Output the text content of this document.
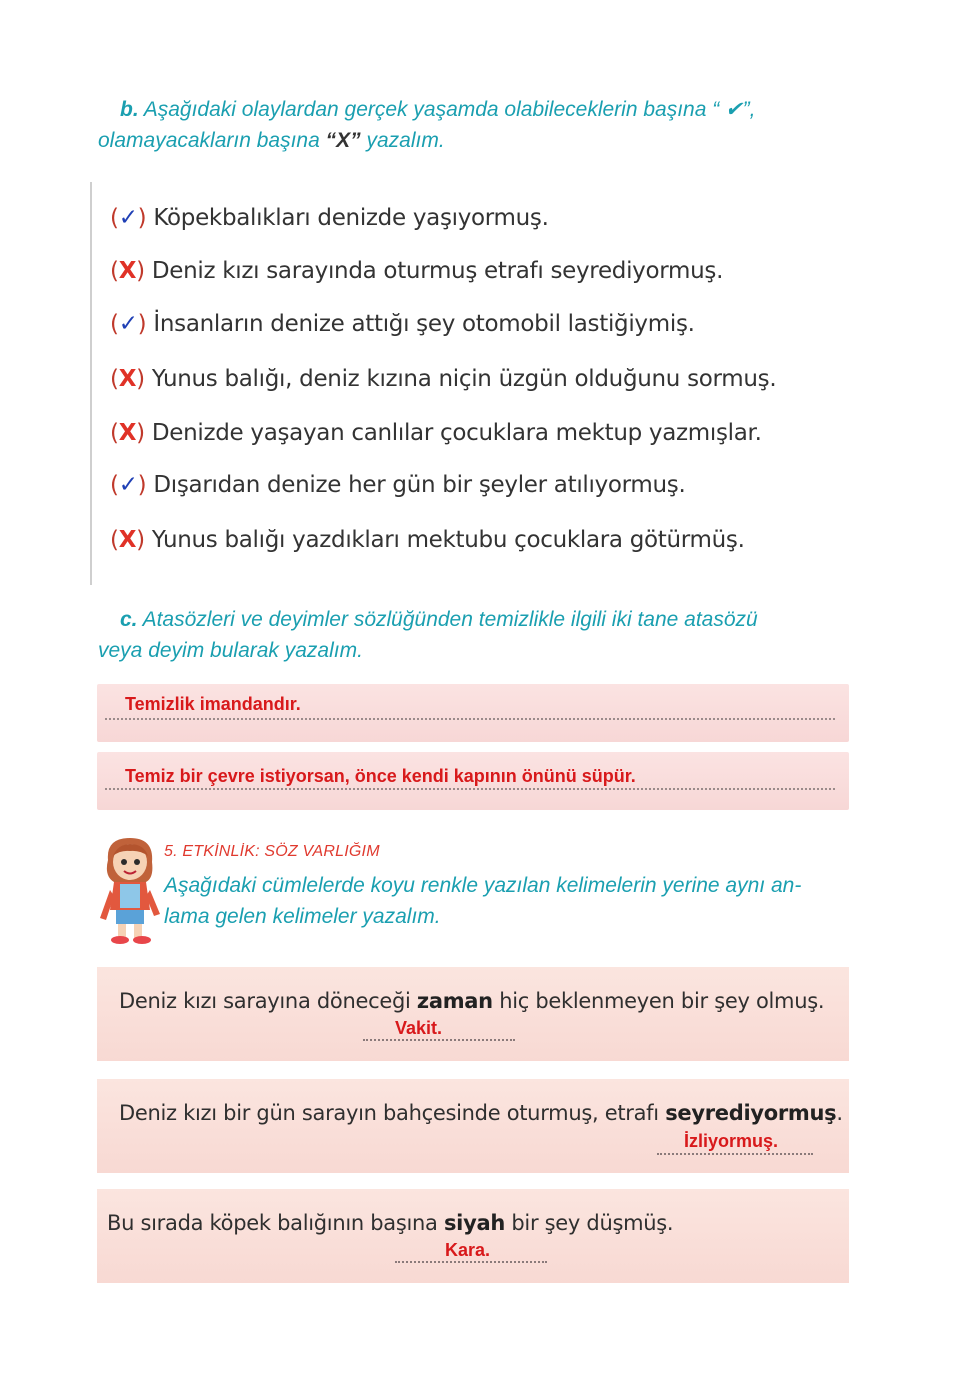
b. Aşağıdaki olaylardan gerçek yaşamda olabileceklerin başına “ ✔”,
olamayacakların başına “X” yazalım.
(✓) Köpekbalıkları denizde yaşıyormuş.
(X) Deniz kızı sarayında oturmuş etrafı seyrediyormuş.
(✓) İnsanların denize attığı şey otomobil lastiğiymiş.
(X) Yunus balığı, deniz kızına niçin üzgün olduğunu sormuş.
(X) Denizde yaşayan canlılar çocuklara mektup yazmışlar.
(✓) Dışarıdan denize her gün bir şeyler atılıyormuş.
(X) Yunus balığı yazdıkları mektubu çocuklara götürmüş.
c. Atasözleri ve deyimler sözlüğünden temizlikle ilgili iki tane atasözü
veya deyim bularak yazalım.
Temizlik imandandır.
Temiz bir çevre istiyorsan, önce kendi kapının önünü süpür.
5. ETKİNLİK: SÖZ VARLIĞIM
Aşağıdaki cümlelerde koyu renkle yazılan kelimelerin yerine aynı an-
lama gelen kelimeler yazalım.
Deniz kızı sarayına döneceği zaman hiç beklenmeyen bir şey olmuş.
Vakit.
Deniz kızı bir gün sarayın bahçesinde oturmuş, etrafı seyrediyormuş.
İzliyormuş.
Bu sırada köpek balığının başına siyah bir şey düşmüş.
Kara.
